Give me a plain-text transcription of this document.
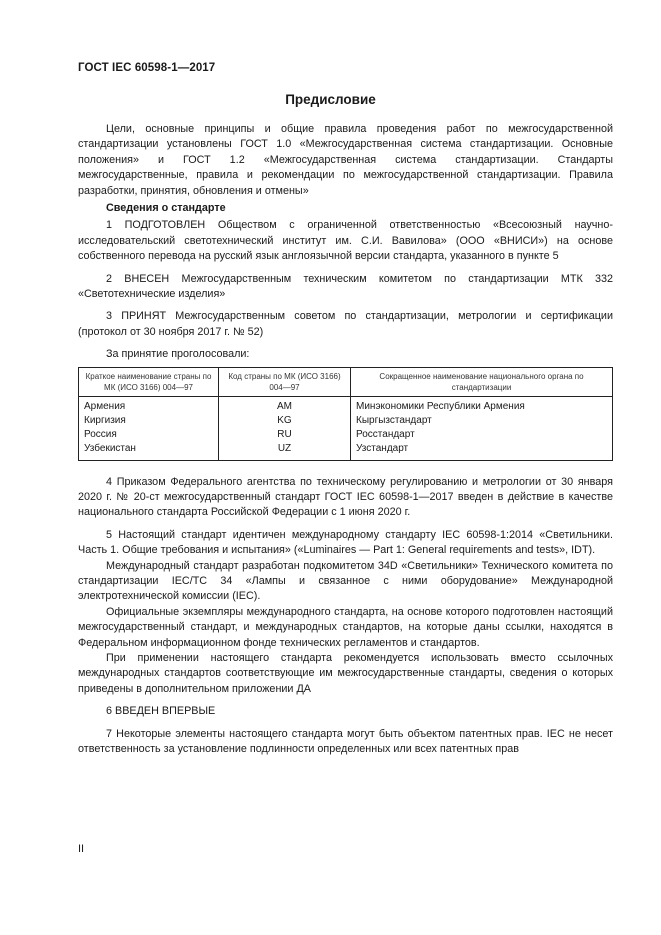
ГОСТ IEC 60598-1—2017
Предисловие

Цели, основные принципы и общие правила проведения работ по межгосударственной стандартизации установлены ГОСТ 1.0 «Межгосударственная система стандартизации. Основные положения» и ГОСТ 1.2 «Межгосударственная система стандартизации. Стандарты межгосударственные, правила и рекомендации по межгосударственной стандартизации. Правила разработки, принятия, обновления и отмены»

Сведения о стандарте

1 ПОДГОТОВЛЕН Обществом с ограниченной ответственностью «Всесоюзный научно-исследовательский светотехнический институт им. С.И. Вавилова» (ООО «ВНИСИ») на основе собственного перевода на русский язык англоязычной версии стандарта, указанного в пункте 5

2 ВНЕСЕН Межгосударственным техническим комитетом по стандартизации МТК 332 «Светотехнические изделия»

3 ПРИНЯТ Межгосударственным советом по стандартизации, метрологии и сертификации (протокол от 30 ноября 2017 г. № 52)

За принятие проголосовали:

Краткое наименование страны по МК (ИСО 3166) 004—97	Код страны по МК (ИСО 3166) 004—97	Сокращенное наименование национального органа по стандартизации
Армения	AM	Минэкономики Республики Армения
Киргизия	KG	Кыргызстандарт
Россия	RU	Росстандарт
Узбекистан	UZ	Узстандарт

4 Приказом Федерального агентства по техническому регулированию и метрологии от 30 января 2020 г. № 20-ст межгосударственный стандарт ГОСТ IEC 60598-1—2017 введен в действие в качестве национального стандарта Российской Федерации с 1 июня 2020 г.

5 Настоящий стандарт идентичен международному стандарту IEC 60598-1:2014 «Светильники. Часть 1. Общие требования и испытания» («Luminaires — Part 1: General requirements and tests», IDT).

Международный стандарт разработан подкомитетом 34D «Светильники» Технического комитета по стандартизации IEC/TC 34 «Лампы и связанное с ними оборудование» Международной электротехнической комиссии (IEC).

Официальные экземпляры международного стандарта, на основе которого подготовлен настоящий межгосударственный стандарт, и международных стандартов, на которые даны ссылки, находятся в Федеральном информационном фонде технических регламентов и стандартов.

При применении настоящего стандарта рекомендуется использовать вместо ссылочных международных стандартов соответствующие им межгосударственные стандарты, сведения о которых приведены в дополнительном приложении ДА

6 ВВЕДЕН ВПЕРВЫЕ

7 Некоторые элементы настоящего стандарта могут быть объектом патентных прав. IEC не несет ответственность за установление подлинности определенных или всех патентных прав

II
